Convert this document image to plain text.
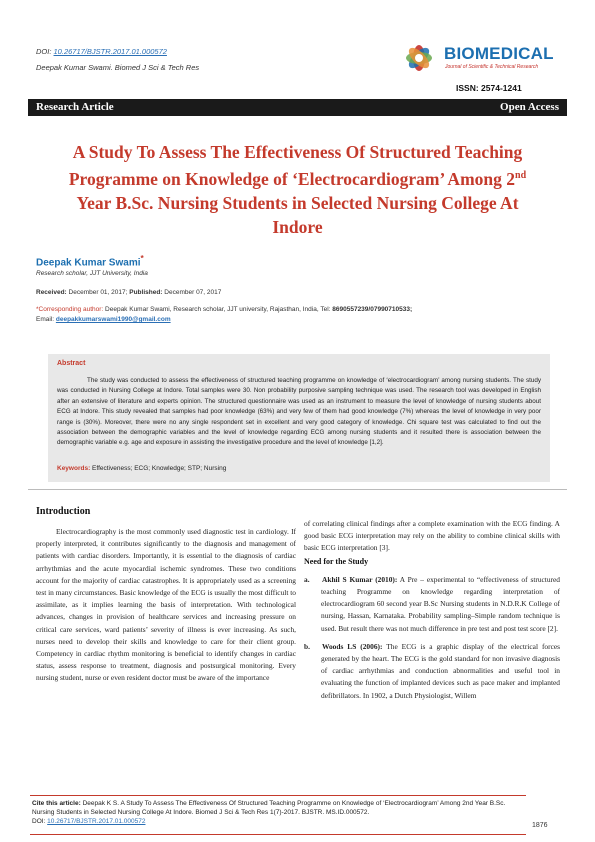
DOI: 10.26717/BJSTR.2017.01.000572
Deepak Kumar Swami. Biomed J Sci & Tech Res
BIOMEDICAL
Journal of Scientific & Technical Research
ISSN: 2574-1241
Research Article	Open Access
A Study To Assess The Effectiveness Of Structured Teaching
Programme on Knowledge of ‘Electrocardiogram’ Among 2nd
Year B.Sc. Nursing Students in Selected Nursing College At
Indore
Deepak Kumar Swami*
Research scholar, JJT University, India
Received: December 01, 2017; Published: December 07, 2017
*Corresponding author: Deepak Kumar Swami, Research scholar, JJT university, Rajasthan, India, Tel: 8690557239/07990710533;
Email: deepakkumarswami1990@gmail.com
Abstract
The study was conducted to assess the effectiveness of structured teaching programme on knowledge of ‘electrocardiogram’ among nursing students. The study was conducted in Nursing College at Indore. Total samples were 30. Non probability purposive sampling technique was used. The research tool was developed in English after an extensive of literature and experts opinion. The structured questionnaire was used as an instrument to measure the level of knowledge of nursing students about ECG at Indore. This study revealed that samples had poor knowledge (63%) and very few of them had good knowledge (7%) whereas the level of knowledge in very poor range is (30%). Moreover, there were no any single respondent set in excellent and very good category of knowledge. Chi square test was calculated to find out the association between the demographic variables and the level of knowledge regarding ECG among nursing students and it resulted there is association between the demographic variable e.g. age and exposure in assisting the investigative procedure and the level of knowledge [1,2].
Keywords: Effectiveness; ECG; Knowledge; STP; Nursing
Introduction
Electrocardiography is the most commonly used diagnostic test in cardiology. If properly interpreted, it contributes significantly to the diagnosis and management of patients with cardiac disorders. Importantly, it is essential to the diagnosis of cardiac arrhythmias and the acute myocardial ischemic syndromes. These two conditions account for the majority of cardiac catastrophes. It is appropriately used as a screening test in many circumstances. Basic knowledge of the ECG is usually the most difficult to assimilate, as it implies learning the basis of interpretation. With technological advances, changes in provision of healthcare services and increasing pressure on critical care services, ward patients’ severity of illness is ever increasing. As such, nurses need to develop their skills and knowledge to care for their client group. Competency in cardiac rhythm monitoring is beneficial to identify changes in cardiac status, assess response to treatment, diagnosis and postsurgical monitoring. Every nursing student, nurse or even resident doctor must be aware of the importance
of correlating clinical findings after a complete examination with the ECG finding. A good basic ECG interpretation may rely on the ability to combine clinical skills with basic ECG interpretation [3].
Need for the Study
a. Akhil S Kumar (2010): A Pre – experimental to “effectiveness of structured teaching Programme on knowledge regarding interpretation of electrocardiogram 60 second year B.Sc Nursing students in N.D.R.K College of nursing, Hassan, Karnataka. Probability sampling–Simple random technique is used. But result there was not much difference in pre test and post test score [2].
b. Woods LS (2006): The ECG is a graphic display of the electrical forces generated by the heart. The ECG is the gold standard for non invasive diagnosis of cardiac arrhythmias and conduction abnormalities and useful tool in evaluating the function of implanted devices such as pace maker and implanted defibrillators. In 1902, a Dutch Physiologist, Willem
Cite this article: Deepak K S. A Study To Assess The Effectiveness Of Structured Teaching Programme on Knowledge of ‘Electrocardiogram’ Among 2nd Year B.Sc. Nursing Students in Selected Nursing College At Indore. Biomed J Sci & Tech Res 1(7)-2017. BJSTR. MS.ID.000572.
DOI: 10.26717/BJSTR.2017.01.000572
1876
